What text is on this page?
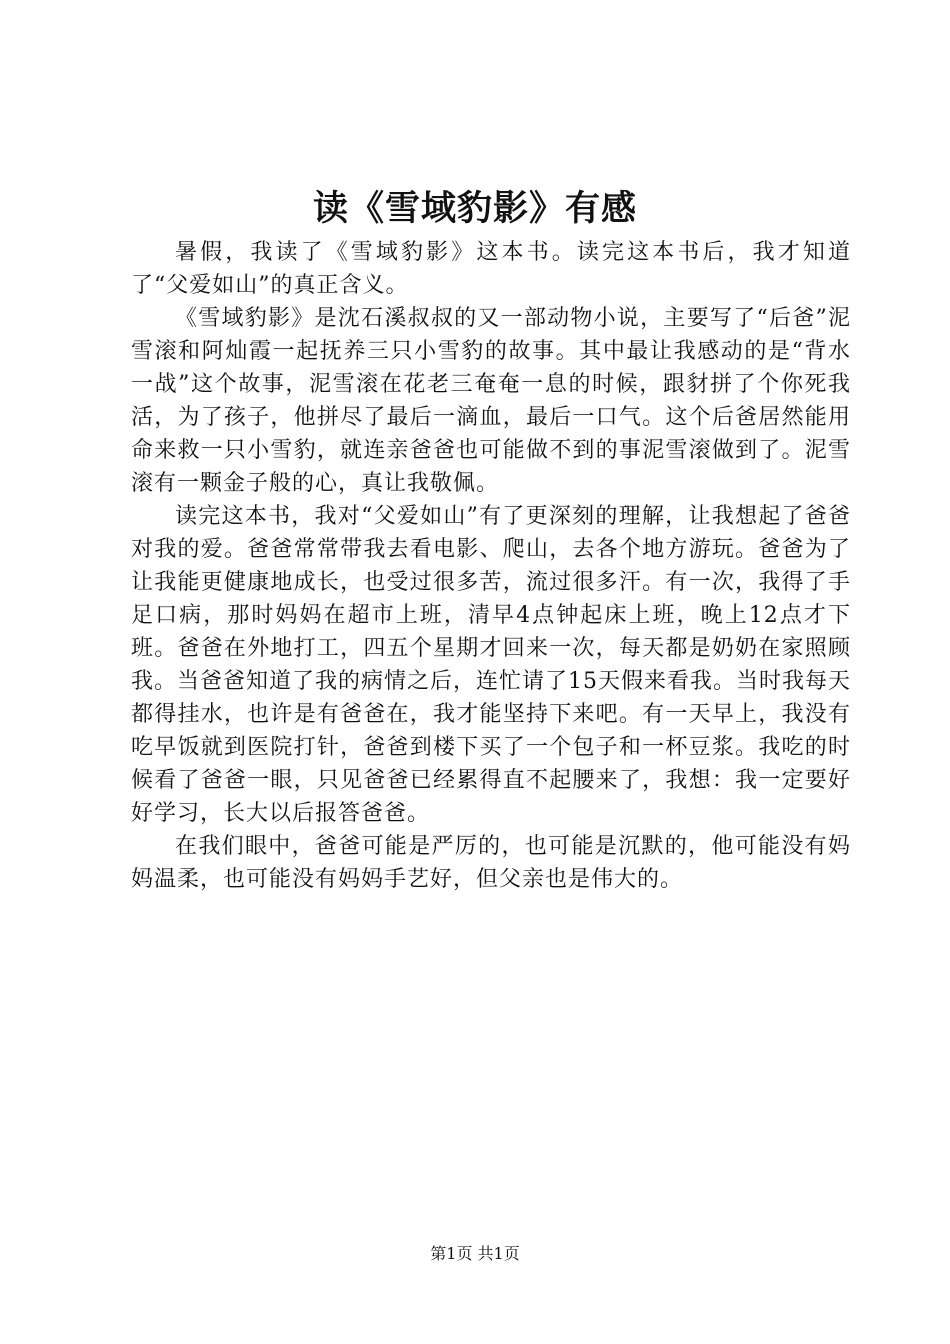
读《雪域豹影》有感

暑假，我读了《雪域豹影》这本书。读完这本书后，我才知道了“父爱如山”的真正含义。

《雪域豹影》是沈石溪叔叔的又一部动物小说，主要写了“后爸”泥雪滚和阿灿霞一起抚养三只小雪豹的故事。其中最让我感动的是“背水一战”这个故事，泥雪滚在花老三奄奄一息的时候，跟豺拼了个你死我活，为了孩子，他拼尽了最后一滴血，最后一口气。这个后爸居然能用命来救一只小雪豹，就连亲爸爸也可能做不到的事泥雪滚做到了。泥雪滚有一颗金子般的心，真让我敬佩。

读完这本书，我对“父爱如山”有了更深刻的理解，让我想起了爸爸对我的爱。爸爸常常带我去看电影、爬山，去各个地方游玩。爸爸为了让我能更健康地成长，也受过很多苦，流过很多汗。有一次，我得了手足口病，那时妈妈在超市上班，清早4点钟起床上班，晚上12点才下班。爸爸在外地打工，四五个星期才回来一次，每天都是奶奶在家照顾我。当爸爸知道了我的病情之后，连忙请了15天假来看我。当时我每天都得挂水，也许是有爸爸在，我才能坚持下来吧。有一天早上，我没有吃早饭就到医院打针，爸爸到楼下买了一个包子和一杯豆浆。我吃的时候看了爸爸一眼，只见爸爸已经累得直不起腰来了，我想：我一定要好好学习，长大以后报答爸爸。

在我们眼中，爸爸可能是严厉的，也可能是沉默的，他可能没有妈妈温柔，也可能没有妈妈手艺好，但父亲也是伟大的。

第1页 共1页
